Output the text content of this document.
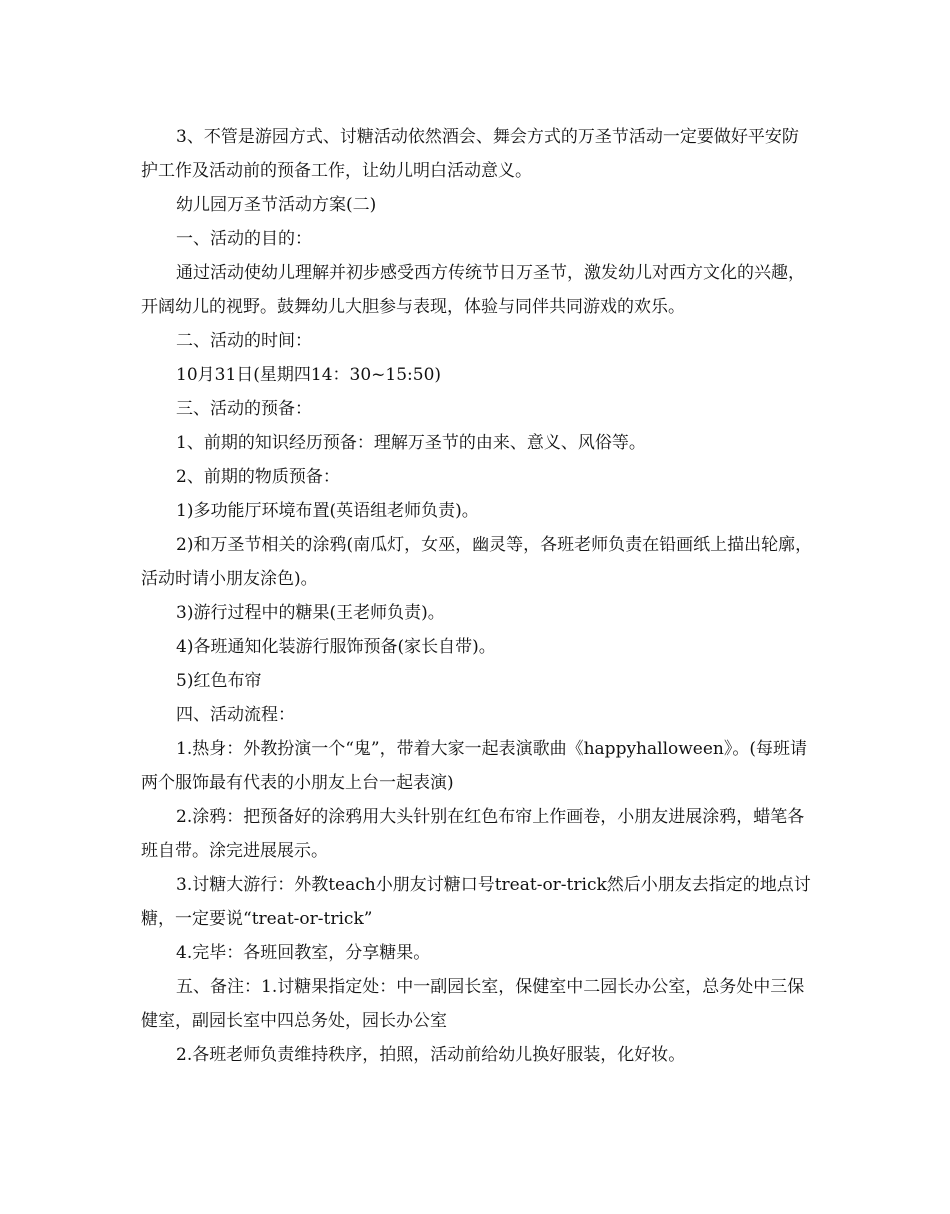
3、不管是游园方式、讨糖活动依然酒会、舞会方式的万圣节活动一定要做好平安防护工作及活动前的预备工作，让幼儿明白活动意义。

幼儿园万圣节活动方案(二)

一、活动的目的：

通过活动使幼儿理解并初步感受西方传统节日万圣节，激发幼儿对西方文化的兴趣，开阔幼儿的视野。鼓舞幼儿大胆参与表现，体验与同伴共同游戏的欢乐。

二、活动的时间：

10月31日(星期四14：30~15:50)

三、活动的预备：

1、前期的知识经历预备：理解万圣节的由来、意义、风俗等。

2、前期的物质预备：

1)多功能厅环境布置(英语组老师负责)。

2)和万圣节相关的涂鸦(南瓜灯，女巫，幽灵等，各班老师负责在铅画纸上描出轮廓，活动时请小朋友涂色)。

3)游行过程中的糖果(王老师负责)。

4)各班通知化装游行服饰预备(家长自带)。

5)红色布帘

四、活动流程：

1.热身：外教扮演一个“鬼”，带着大家一起表演歌曲《happyhalloween》。(每班请两个服饰最有代表的小朋友上台一起表演)

2.涂鸦：把预备好的涂鸦用大头针别在红色布帘上作画卷，小朋友进展涂鸦，蜡笔各班自带。涂完进展展示。

3.讨糖大游行：外教teach小朋友讨糖口号treat-or-trick然后小朋友去指定的地点讨糖，一定要说“treat-or-trick”

4.完毕：各班回教室，分享糖果。

五、备注：1.讨糖果指定处：中一副园长室，保健室中二园长办公室，总务处中三保健室，副园长室中四总务处，园长办公室

2.各班老师负责维持秩序，拍照，活动前给幼儿换好服装，化好妆。
